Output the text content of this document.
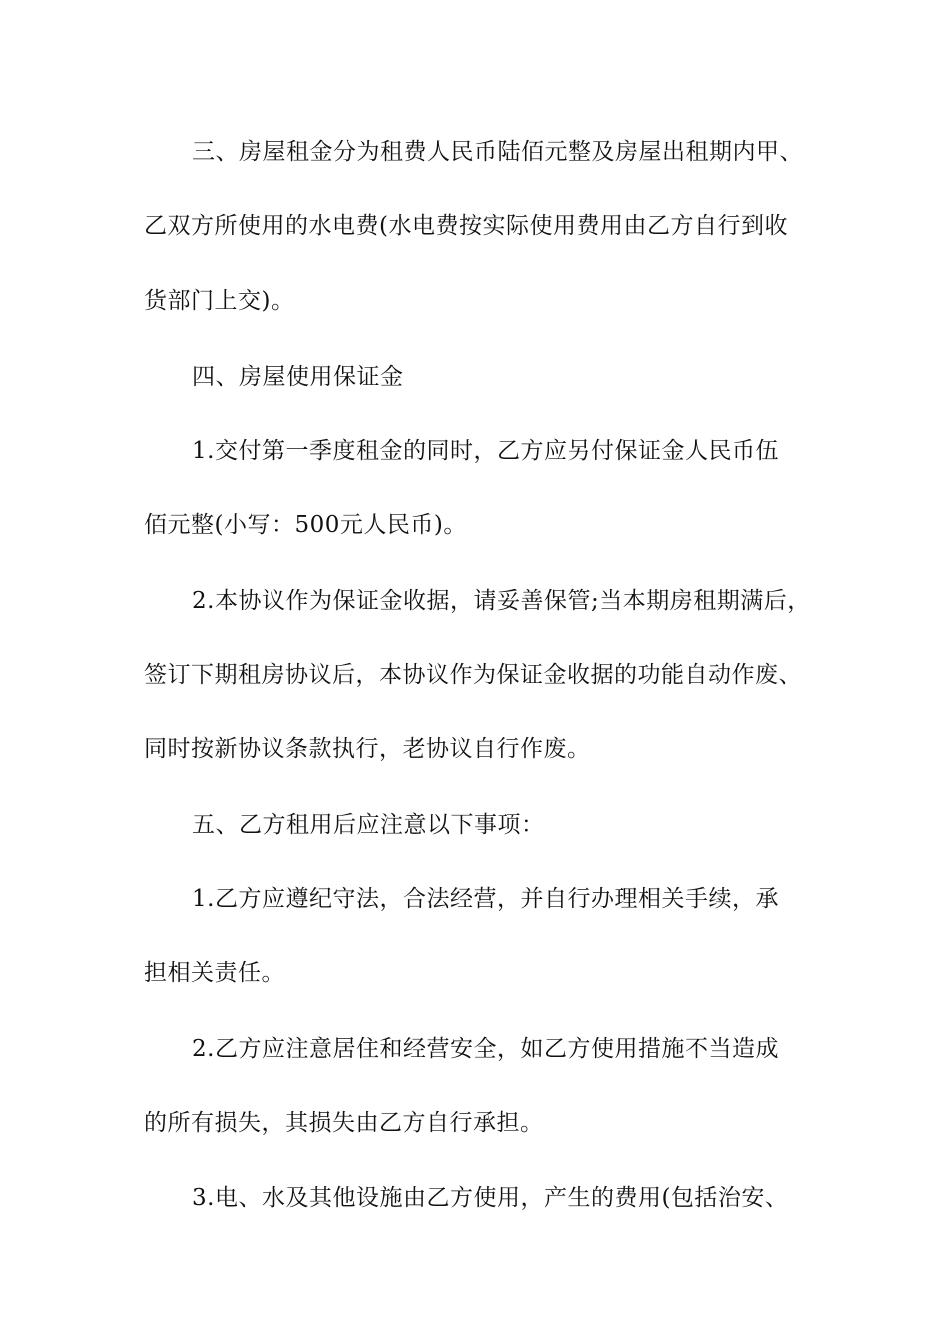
三、房屋租金分为租费人民币陆佰元整及房屋出租期内甲、
乙双方所使用的水电费(水电费按实际使用费用由乙方自行到收
货部门上交)。
四、房屋使用保证金
1.交付第一季度租金的同时，乙方应另付保证金人民币伍
佰元整(小写：500元人民币)。
2.本协议作为保证金收据，请妥善保管;当本期房租期满后，
签订下期租房协议后，本协议作为保证金收据的功能自动作废、
同时按新协议条款执行，老协议自行作废。
五、乙方租用后应注意以下事项：
1.乙方应遵纪守法，合法经营，并自行办理相关手续，承
担相关责任。
2.乙方应注意居住和经营安全，如乙方使用措施不当造成
的所有损失，其损失由乙方自行承担。
3.电、水及其他设施由乙方使用，产生的费用(包括治安、
